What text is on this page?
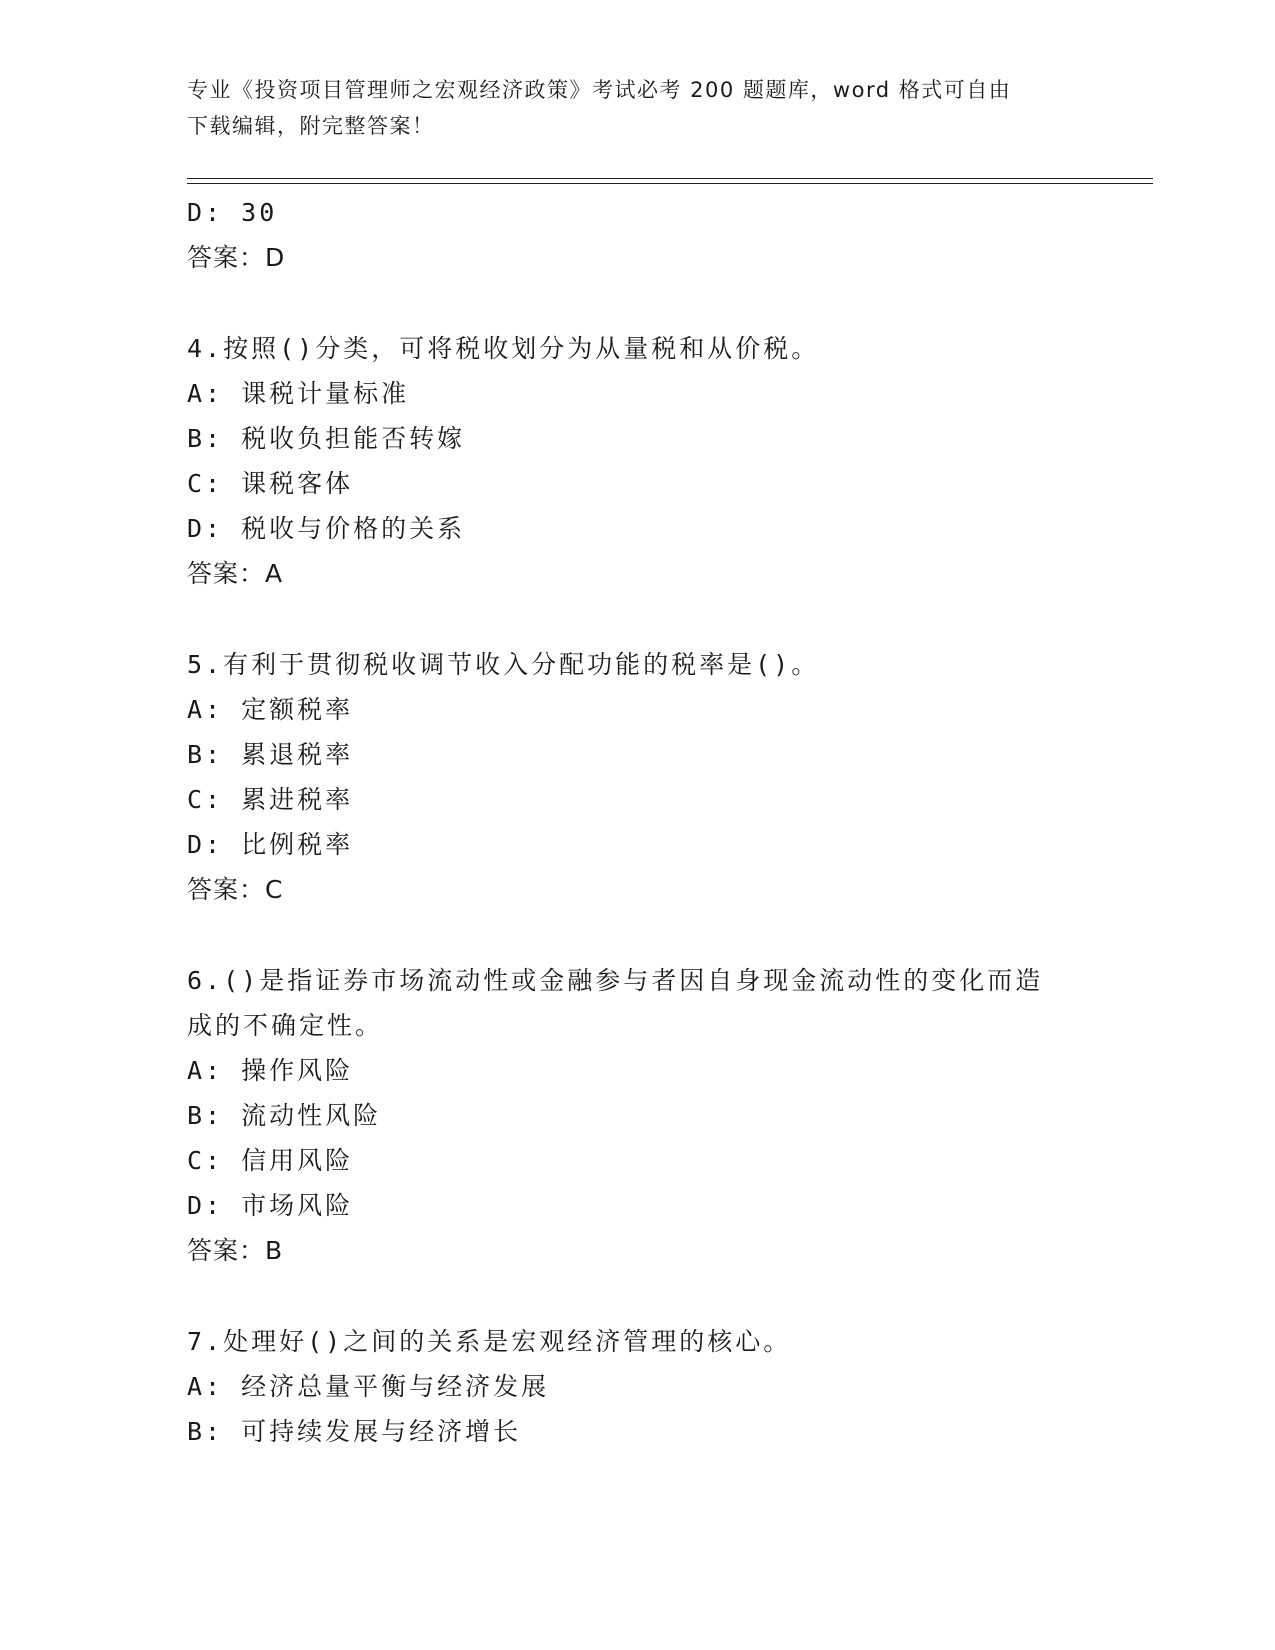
专业《投资项目管理师之宏观经济政策》考试必考 200 题题库，word 格式可自由
下载编辑，附完整答案！
D: 30
答案：D
4.按照()分类，可将税收划分为从量税和从价税。
A: 课税计量标准
B: 税收负担能否转嫁
C: 课税客体
D: 税收与价格的关系
答案：A
5.有利于贯彻税收调节收入分配功能的税率是()。
A: 定额税率
B: 累退税率
C: 累进税率
D: 比例税率
答案：C
6.()是指证券市场流动性或金融参与者因自身现金流动性的变化而造
成的不确定性。
A: 操作风险
B: 流动性风险
C: 信用风险
D: 市场风险
答案：B
7.处理好()之间的关系是宏观经济管理的核心。
A: 经济总量平衡与经济发展
B: 可持续发展与经济增长
